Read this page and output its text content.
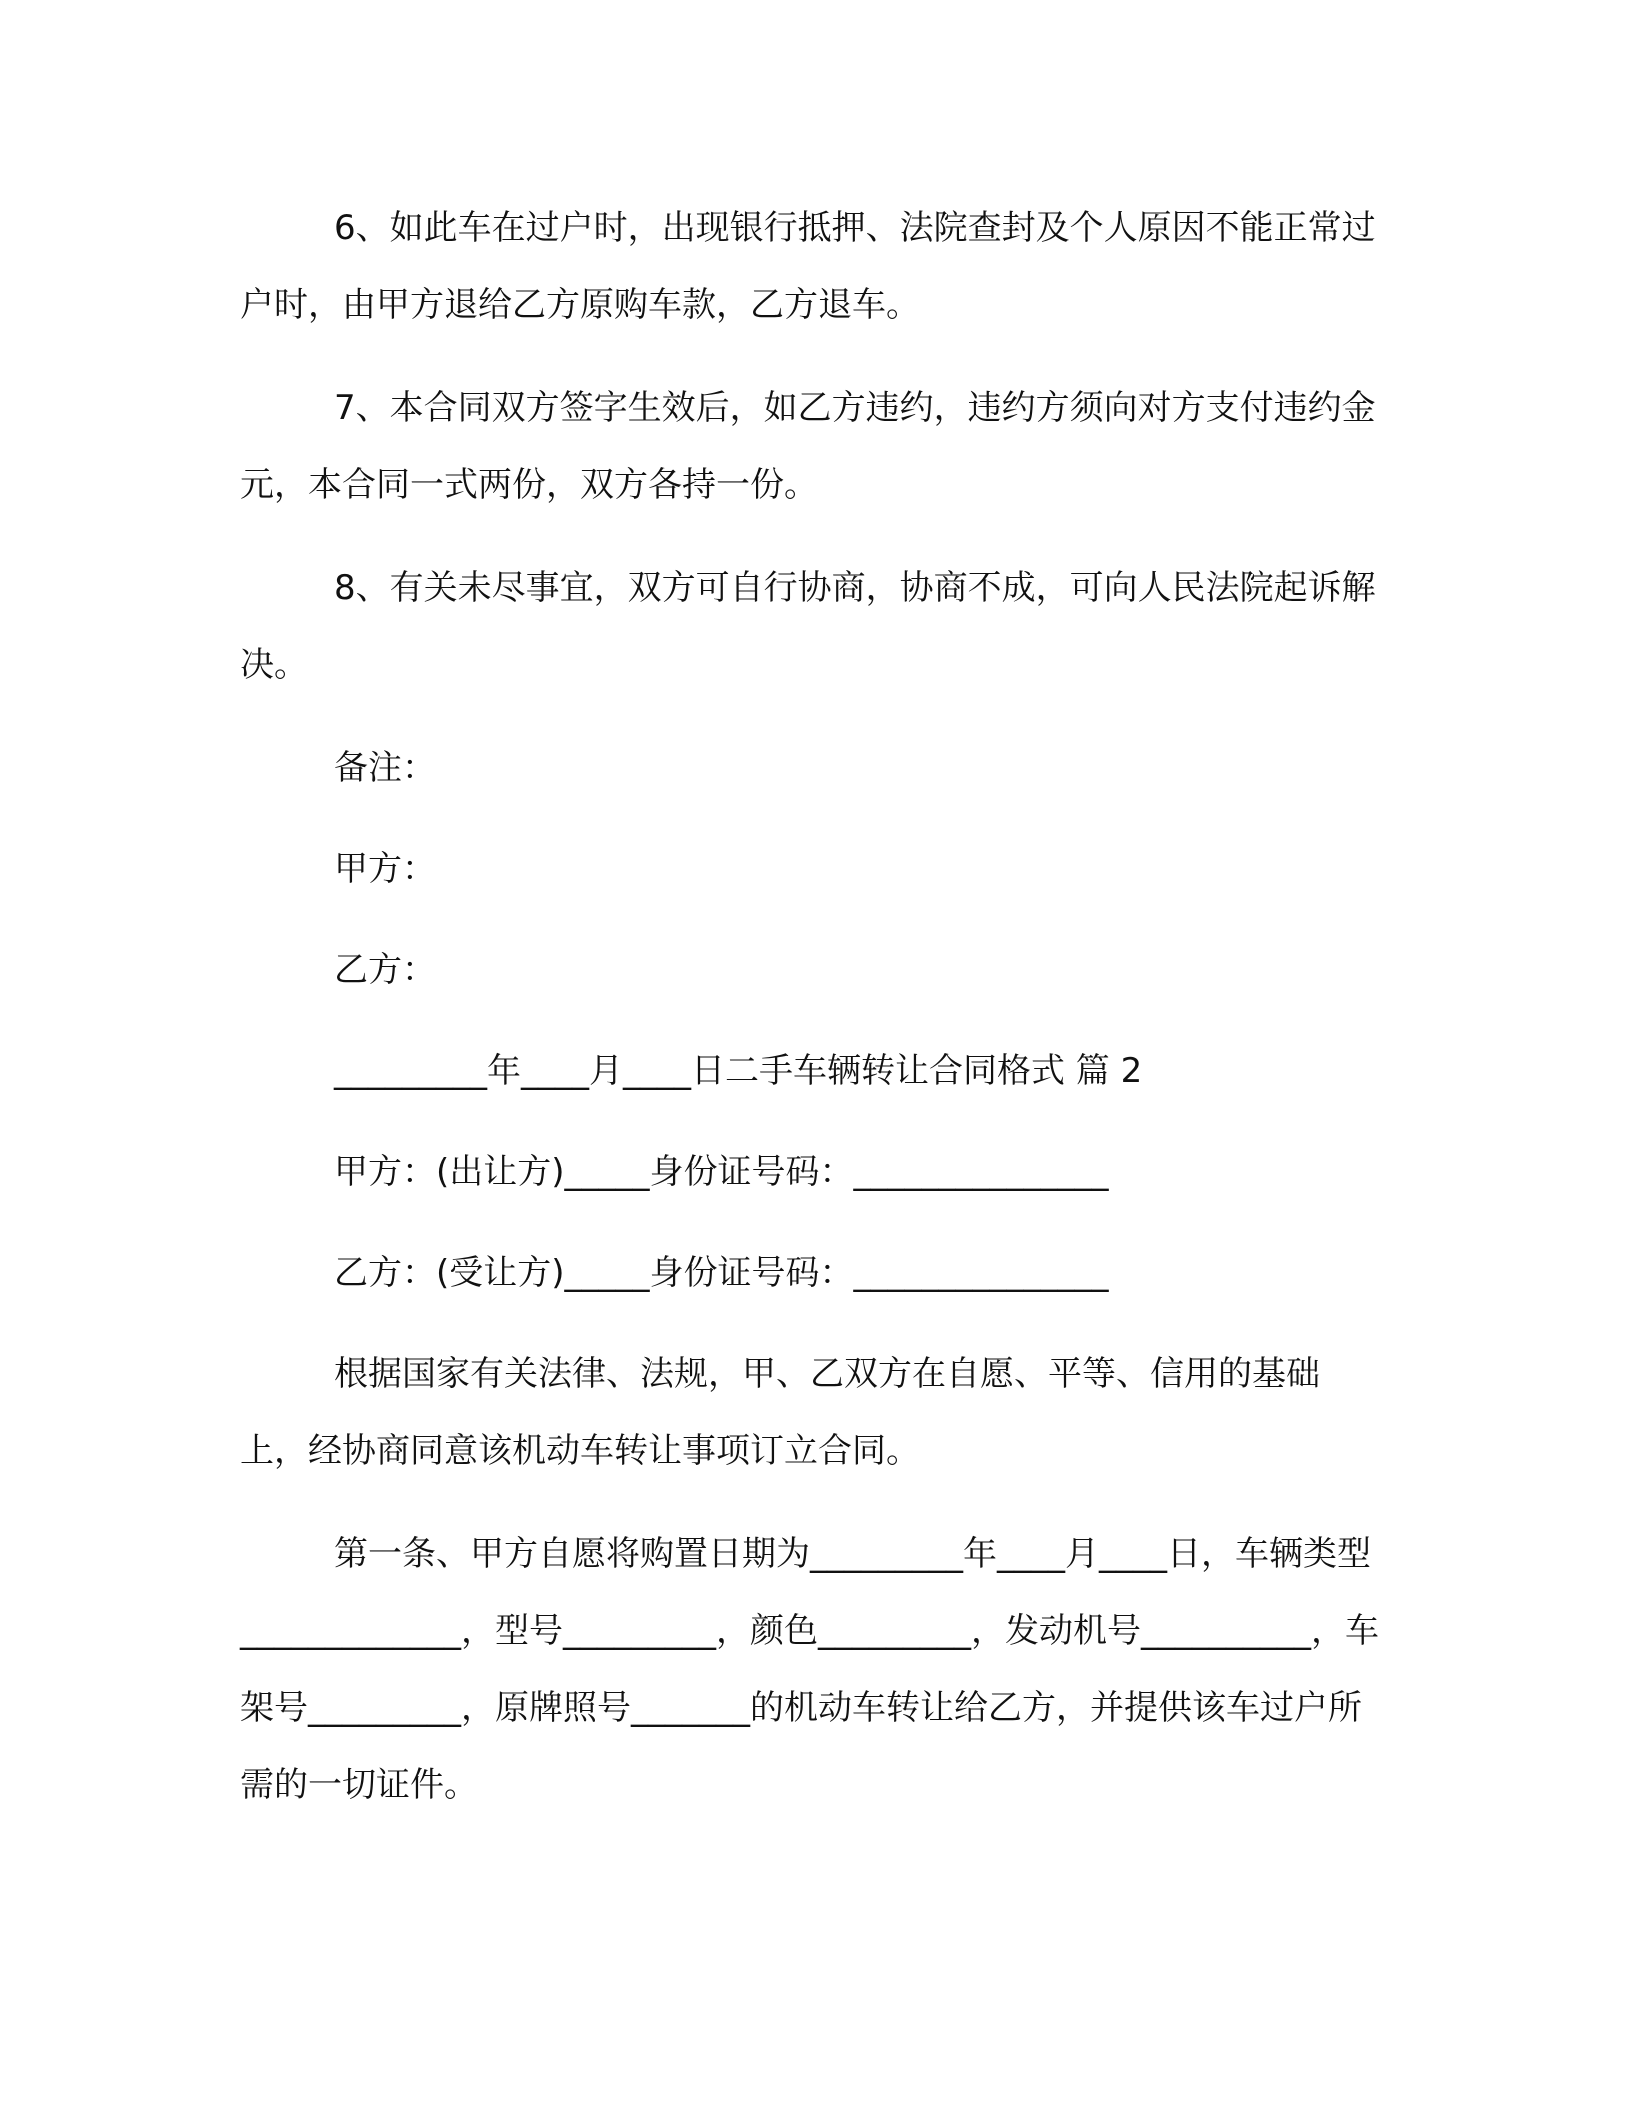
6、如此车在过户时，出现银行抵押、法院查封及个人原因不能正常过户时，由甲方退给乙方原购车款，乙方退车。

7、本合同双方签字生效后，如乙方违约，违约方须向对方支付违约金 元，本合同一式两份，双方各持一份。

8、有关未尽事宜，双方可自行协商，协商不成，可向人民法院起诉解决。

备注：

甲方：

乙方：

_________年____月____日二手车辆转让合同格式 篇 2

甲方：(出让方)_____身份证号码：_______________

乙方：(受让方)_____身份证号码：_______________

根据国家有关法律、法规，甲、乙双方在自愿、平等、信用的基础上，经协商同意该机动车转让事项订立合同。

第一条、甲方自愿将购置日期为_________年____月____日，车辆类型_____________，型号_________，颜色_________，发动机号__________，车架号_________，原牌照号_______的机动车转让给乙方，并提供该车过户所需的一切证件。
